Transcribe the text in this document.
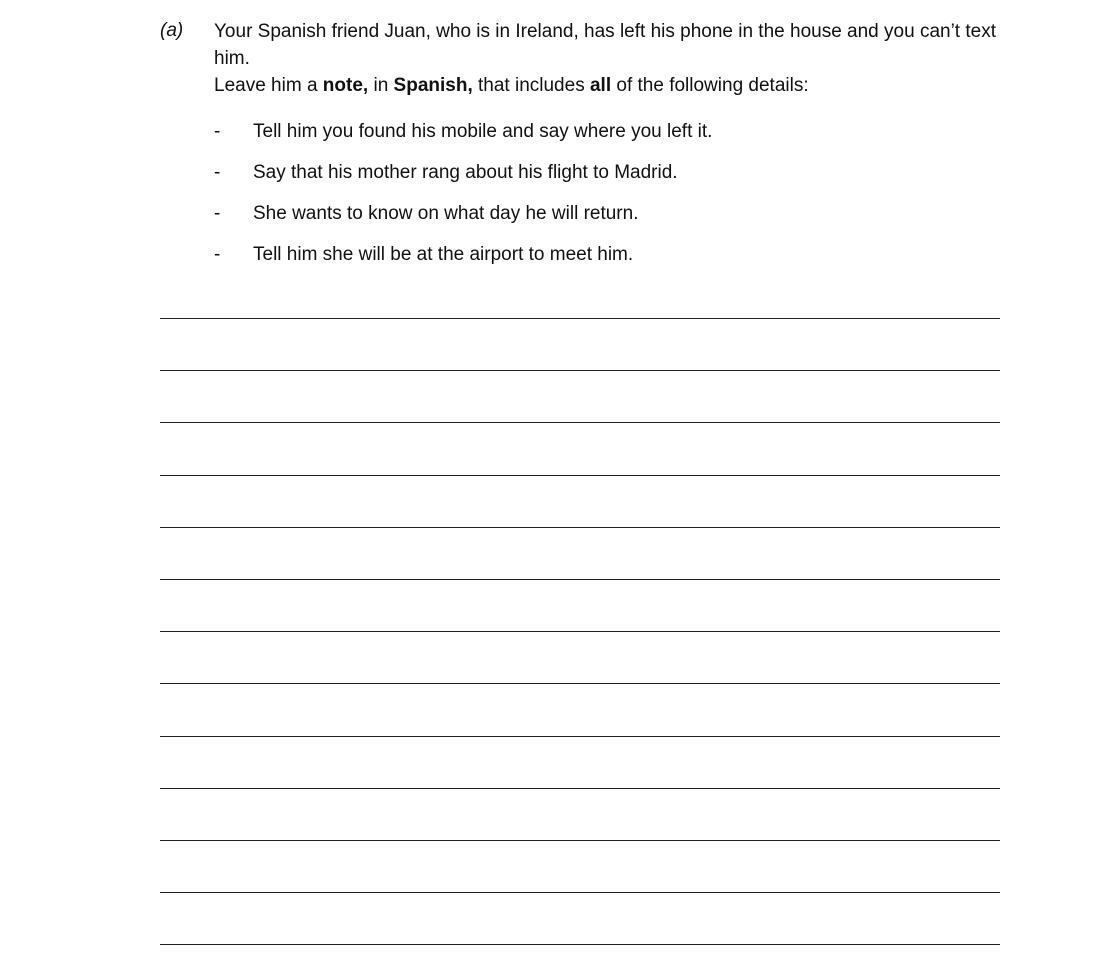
(a) Your Spanish friend Juan, who is in Ireland, has left his phone in the house and you can’t text him.

Leave him a note, in Spanish, that includes all of the following details:

-	Tell him you found his mobile and say where you left it.
-	Say that his mother rang about his flight to Madrid.
-	She wants to know on what day he will return.
-	Tell him she will be at the airport to meet him.
